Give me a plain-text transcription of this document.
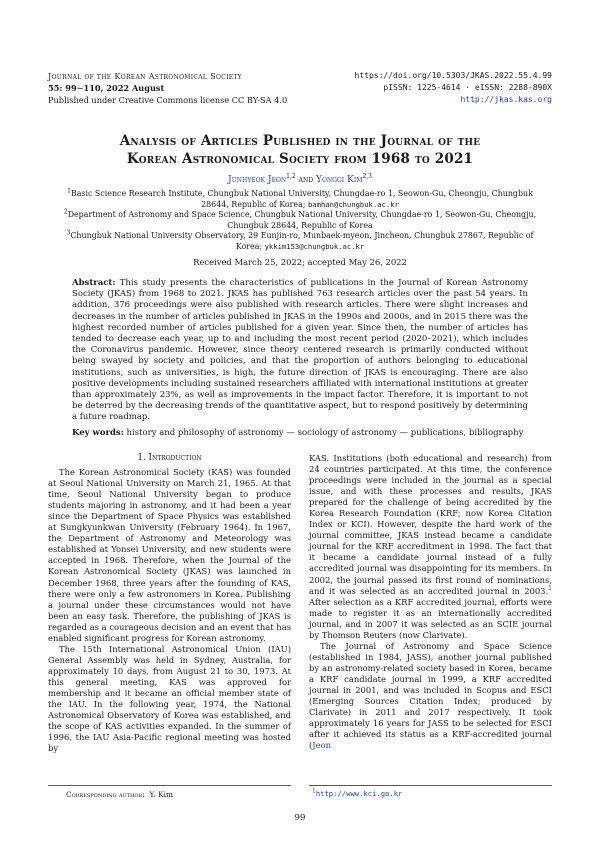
Journal of the Korean Astronomical Society
55: 99∼110, 2022 August
Published under Creative Commons license CC BY-SA 4.0
https://doi.org/10.5303/JKAS.2022.55.4.99
pISSN: 1225-4614 · eISSN: 2288-890X
http://jkas.kas.org
Analysis of Articles Published in the Journal of the
Korean Astronomical Society from 1968 to 2021
Junhyeok Jeon$^{1,2}$ and Yonggi Kim$^{2,3}$

$^1$Basic Science Research Institute, Chungbuk National University, Chungdae-ro 1, Seowon-Gu, Cheongju, Chungbuk 28644, Republic of Korea; bamhan@chungbuk.ac.kr

$^2$Department of Astronomy and Space Science, Chungbuk National University, Chungdae-ro 1, Seowon-Gu, Cheongju, Chungbuk 28644, Republic of Korea

$^3$Chungbuk National University Observatory, 29 Eunjin-ro, Munbaek-myeon, Jincheon, Chungbuk 27867, Republic of Korea; ykkim153@chungbuk.ac.kr

Received March 25, 2022; accepted May 26, 2022
Abstract: This study presents the characteristics of publications in the Journal of Korean Astronomy Society (JKAS) from 1968 to 2021. JKAS has published 763 research articles over the past 54 years. In addition, 376 proceedings were also published with research articles. There were slight increases and decreases in the number of articles published in JKAS in the 1990s and 2000s, and in 2015 there was the highest recorded number of articles published for a given year. Since then, the number of articles has tended to decrease each year, up to and including the most recent period (2020–2021), which includes the Coronavirus pandemic. However, since theory centered research is primarily conducted without being swayed by society and policies, and that the proportion of authors belonging to educational institutions, such as universities, is high, the future direction of JKAS is encouraging. There are also positive developments including sustained researchers affiliated with international institutions at greater than approximately 23%, as well as improvements in the impact factor. Therefore, it is important to not be deterred by the decreasing trends of the quantitative aspect, but to respond positively by determining a future roadmap.
Key words: history and philosophy of astronomy — sociology of astronomy — publications, bibliography
1. Introduction

The Korean Astronomical Society (KAS) was founded at Seoul National University on March 21, 1965. At that time, Seoul National University began to produce students majoring in astronomy, and it had been a year since the Department of Space Physics was established at Sungkyunkwan University (February 1964). In 1967, the Department of Astronomy and Meteorology was established at Yonsei University, and new students were accepted in 1968. Therefore, when the Journal of the Korean Astronomical Society (JKAS) was launched in December 1968, three years after the founding of KAS, there were only a few astronomers in Korea. Publishing a journal under these circumstances would not have been an easy task. Therefore, the publishing of JKAS is regarded as a courageous decision and an event that has enabled significant progress for Korean astronomy.

The 15th International Astronomical Union (IAU) General Assembly was held in Sydney, Australia, for approximately 10 days, from August 21 to 30, 1973. At this general meeting, KAS was approved for membership and it became an official member state of the IAU. In the following year, 1974, the National Astronomical Observatory of Korea was established, and the scope of KAS activities expanded. In the summer of 1996, the IAU Asia-Pacific regional meeting was hosted by

KAS. Institutions (both educational and research) from 24 countries participated. At this time, the conference proceedings were included in the journal as a special issue, and with these processes and results, JKAS prepared for the challenge of being accredited by the Korea Research Foundation (KRF; now Korea Citation Index or KCI). However, despite the hard work of the journal committee, JKAS instead became a candidate journal for the KRF accreditment in 1998. The fact that it became a candidate journal instead of a fully accredited journal was disappointing for its members. In 2002, the journal passed its first round of nominations, and it was selected as an accredited journal in 2003.$^1$ After selection as a KRF accredited journal, efforts were made to register it as an internationally accredited journal, and in 2007 it was selected as an SCIE journal by Thomson Reuters (now Clarivate).

The Journal of Astronomy and Space Science (established in 1984, JASS), another journal published by an astronomy-related society based in Korea, became a KRF candidate journal in 1999, a KRF accredited journal in 2001, and was included in Scopus and ESCI (Emerging Sources Citation Index; produced by Clarivate) in 2011 and 2017 respectively. It took approximately 16 years for JASS to be selected for ESCI after it achieved its status as a KRF-accredited journal (Jeon

Corresponding author: Y. Kim	$^1$http://www.kci.go.kr
99
